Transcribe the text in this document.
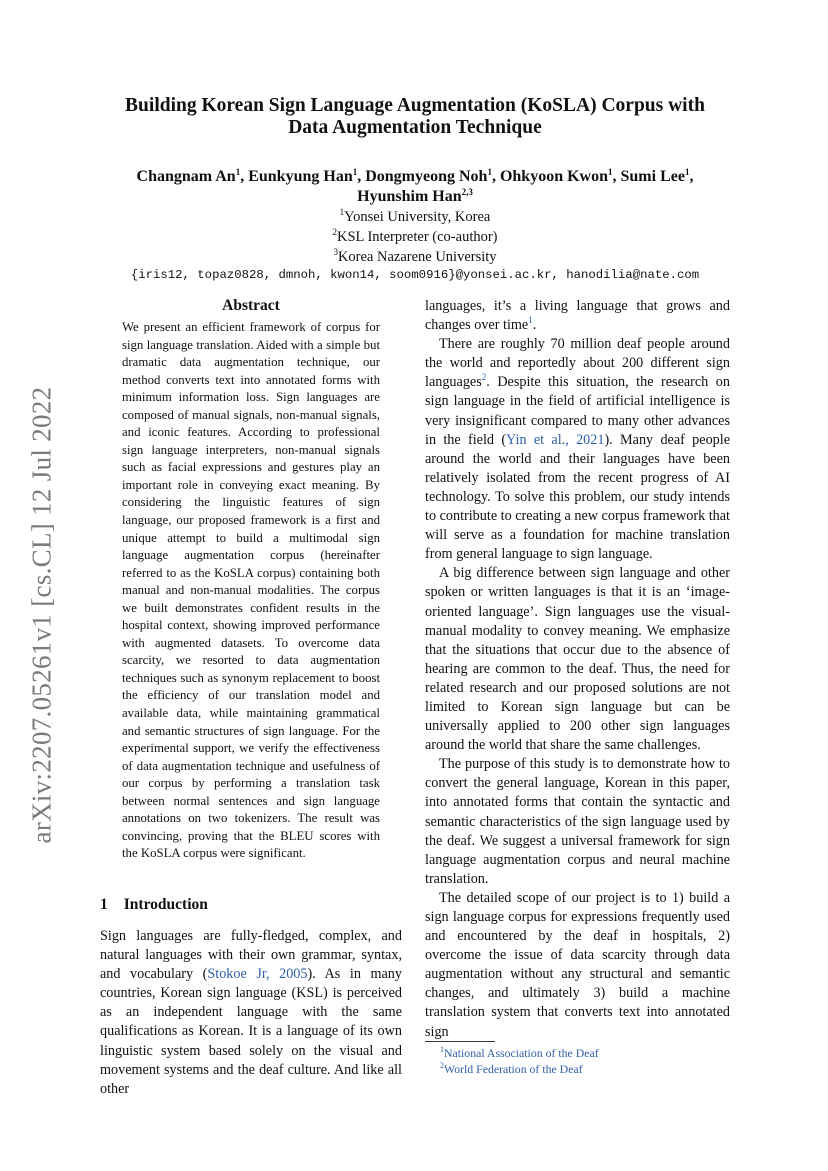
arXiv:2207.05261v1 [cs.CL] 12 Jul 2022
Building Korean Sign Language Augmentation (KoSLA) Corpus with
Data Augmentation Technique
Changnam An$^1$, Eunkyung Han$^1$, Dongmyeong Noh$^1$, Ohkyoon Kwon$^1$, Sumi Lee$^1$,
Hyunshim Han$^{2,3}$
$^1$Yonsei University, Korea
$^2$KSL Interpreter (co-author)
$^3$Korea Nazarene University
{iris12, topaz0828, dmnoh, kwon14, soom0916}@yonsei.ac.kr, hanodilia@nate.com
Abstract
We present an efficient framework of corpus for sign language translation. Aided with a simple but dramatic data augmentation technique, our method converts text into annotated forms with minimum information loss. Sign languages are composed of manual signals, non-manual signals, and iconic features. According to professional sign language interpreters, non-manual signals such as facial expressions and gestures play an important role in conveying exact meaning. By considering the linguistic features of sign language, our proposed framework is a first and unique attempt to build a multimodal sign language augmentation corpus (hereinafter referred to as the KoSLA corpus) containing both manual and non-manual modalities. The corpus we built demonstrates confident results in the hospital context, showing improved performance with augmented datasets. To overcome data scarcity, we resorted to data augmentation techniques such as synonym replacement to boost the efficiency of our translation model and available data, while maintaining grammatical and semantic structures of sign language. For the experimental support, we verify the effectiveness of data augmentation technique and usefulness of our corpus by performing a translation task between normal sentences and sign language annotations on two tokenizers. The result was convincing, proving that the BLEU scores with the KoSLA corpus were significant.
1 Introduction

Sign languages are fully-fledged, complex, and natural languages with their own grammar, syntax, and vocabulary (Stokoe Jr, 2005). As in many countries, Korean sign language (KSL) is perceived as an independent language with the same qualifications as Korean. It is a language of its own linguistic system based solely on the visual and movement systems and the deaf culture. And like all other

languages, it’s a living language that grows and changes over time$^1$.

There are roughly 70 million deaf people around the world and reportedly about 200 different sign languages$^2$. Despite this situation, the research on sign language in the field of artificial intelligence is very insignificant compared to many other advances in the field (Yin et al., 2021). Many deaf people around the world and their languages have been relatively isolated from the recent progress of AI technology. To solve this problem, our study intends to contribute to creating a new corpus framework that will serve as a foundation for machine translation from general language to sign language.

A big difference between sign language and other spoken or written languages is that it is an ‘image-oriented language’. Sign languages use the visual-manual modality to convey meaning. We emphasize that the situations that occur due to the absence of hearing are common to the deaf. Thus, the need for related research and our proposed solutions are not limited to Korean sign language but can be universally applied to 200 other sign languages around the world that share the same challenges.

The purpose of this study is to demonstrate how to convert the general language, Korean in this paper, into annotated forms that contain the syntactic and semantic characteristics of the sign language used by the deaf. We suggest a universal framework for sign language augmentation corpus and neural machine translation.

The detailed scope of our project is to 1) build a sign language corpus for expressions frequently used and encountered by the deaf in hospitals, 2) overcome the issue of data scarcity through data augmentation without any structural and semantic changes, and ultimately 3) build a machine translation system that converts text into annotated sign

$^1$National Association of the Deaf
$^2$World Federation of the Deaf
